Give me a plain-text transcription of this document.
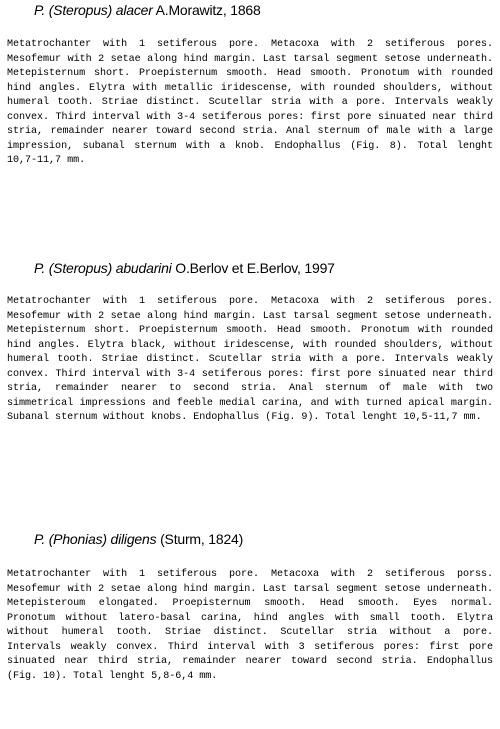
P. (Steropus) alacer A.Morawitz, 1868

Metatrochanter with 1 setiferous pore. Metacoxa with 2 setiferous pores. Mesofemur with 2 setae along hind margin. Last tarsal segment setose underneath. Metepisternum short. Proepisternum smooth. Head smooth. Pronotum with rounded hind angles. Elytra with metallic iridescense, with rounded shoulders, without humeral tooth. Striae distinct. Scutellar stria with a pore. Intervals weakly convex. Third interval with 3-4 setiferous pores: first pore sinuated near third stria, remainder nearer toward second stria. Anal sternum of male with a large impression, subanal sternum with a knob. Endophallus (Fig. 8). Total lenght 10,7-11,7 mm.

P. (Steropus) abudarini O.Berlov et E.Berlov, 1997

Metatrochanter with 1 setiferous pore. Metacoxa with 2 setiferous pores. Mesofemur with 2 setae along hind margin. Last tarsal segment setose underneath. Metepisternum short. Proepisternum smooth. Head smooth. Pronotum with rounded hind angles. Elytra black, without iridescense, with rounded shoulders, without humeral tooth. Striae distinct. Scutellar stria with a pore. Intervals weakly convex. Third interval with 3-4 setiferous pores: first pore sinuated near third stria, remainder nearer to second stria. Anal sternum of male with two simmetrical impressions and feeble medial carina, and with turned apical margin. Subanal sternum without knobs. Endophallus (Fig. 9). Total lenght 10,5-11,7 mm.

P. (Phonias) diligens (Sturm, 1824)

Metatrochanter with 1 setiferous pore. Metacoxa with 2 setiferous porss. Mesofemur with 2 setae along hind margin. Last tarsal segment setose underneath. Metepisteroum elongated. Proepisternum smooth. Head smooth. Eyes normal. Pronotum without latero-basal carina, hind angles with small tooth. Elytra without humeral tooth. Striae distinct. Scutellar stria without a pore. Intervals weakly convex. Third interval with 3 setiferous pores: first pore sinuated near third stria, remainder nearer toward second stria. Endophallus (Fig. 10). Total lenght 5,8-6,4 mm.
